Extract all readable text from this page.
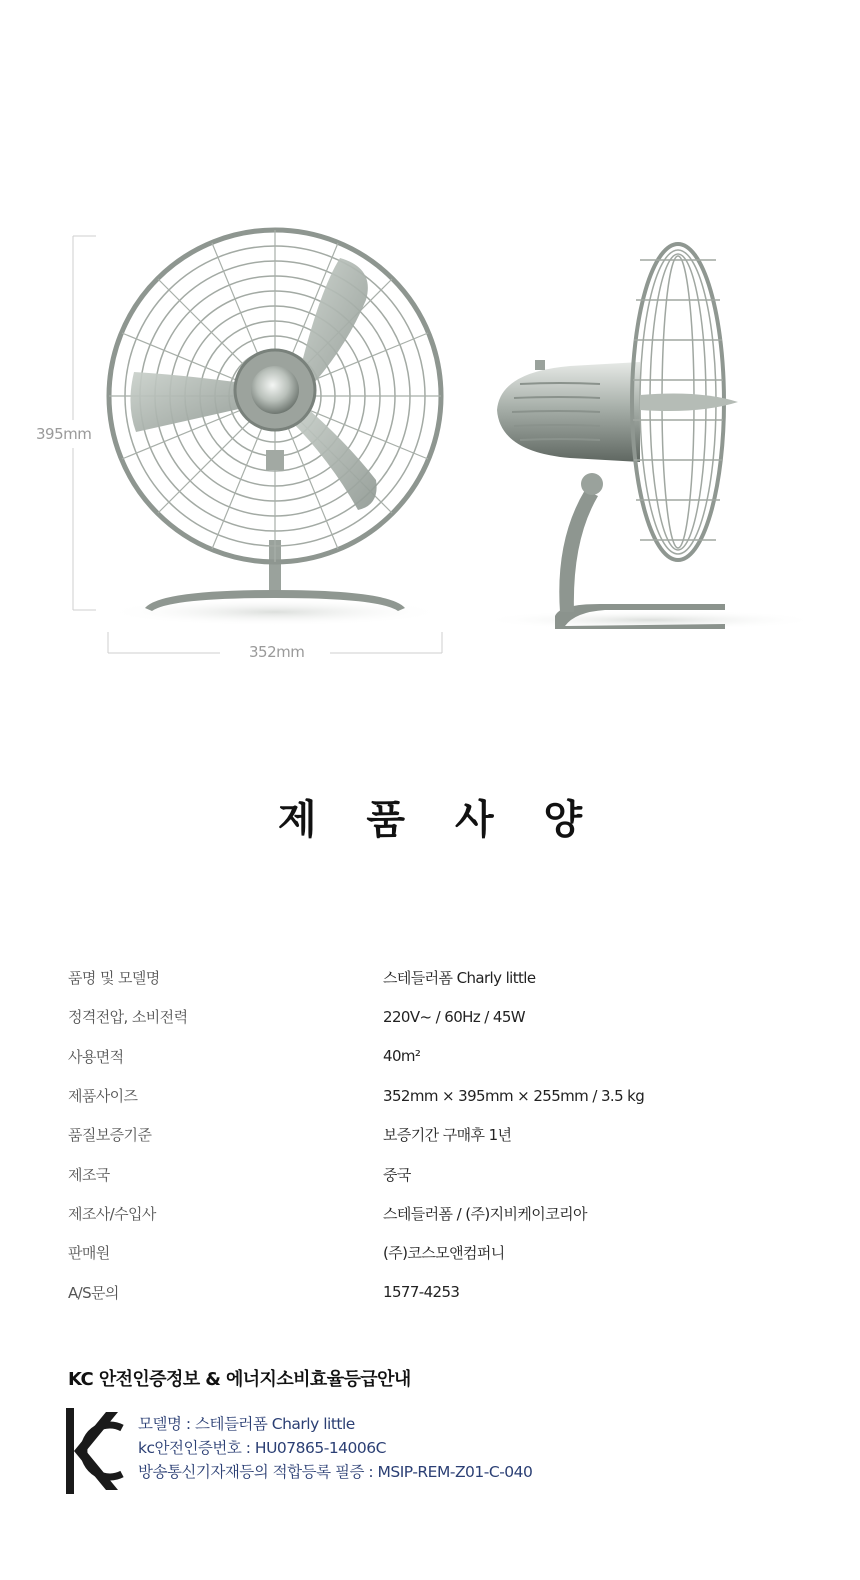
395mm
352mm
제 품 사 양
품명 및 모델명	스테들러폼 Charly little
정격전압, 소비전력	220V~ / 60Hz / 45W
사용면적	40m²
제품사이즈	352mm × 395mm × 255mm / 3.5 kg
품질보증기준	보증기간 구매후 1년
제조국	중국
제조사/수입사	스테들러폼 / (주)지비케이코리아
판매원	(주)코스모앤컴퍼니
A/S문의	1577-4253
KC 안전인증정보 & 에너지소비효율등급안내
모델명 : 스테들러폼 Charly little
kc안전인증번호 : HU07865-14006C
방송통신기자재등의 적합등록 필증 : MSIP-REM-Z01-C-040
